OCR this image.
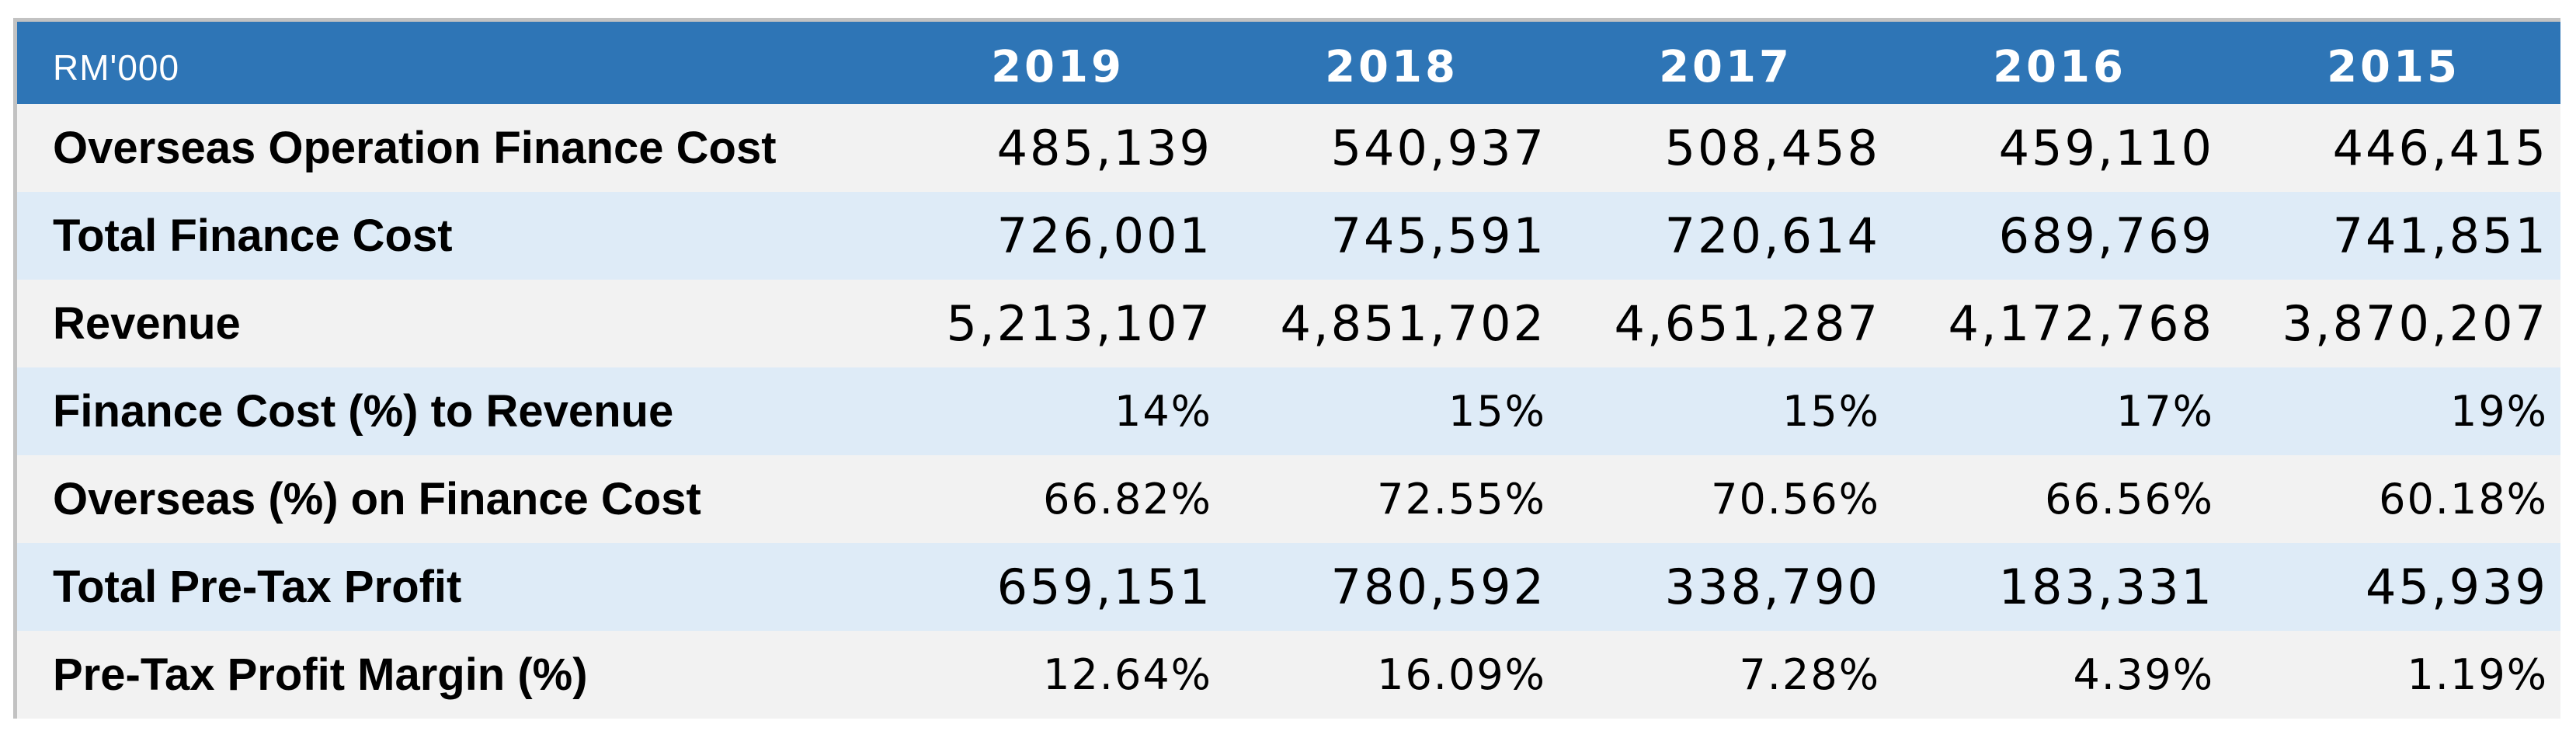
RM'000	2019	2018	2017	2016	2015
Overseas Operation Finance Cost	485,139	540,937	508,458	459,110	446,415
Total Finance Cost	726,001	745,591	720,614	689,769	741,851
Revenue	5,213,107	4,851,702	4,651,287	4,172,768	3,870,207
Finance Cost (%) to Revenue	14%	15%	15%	17%	19%
Overseas (%) on Finance Cost	66.82%	72.55%	70.56%	66.56%	60.18%
Total Pre-Tax Profit	659,151	780,592	338,790	183,331	45,939
Pre-Tax Profit Margin (%)	12.64%	16.09%	7.28%	4.39%	1.19%
